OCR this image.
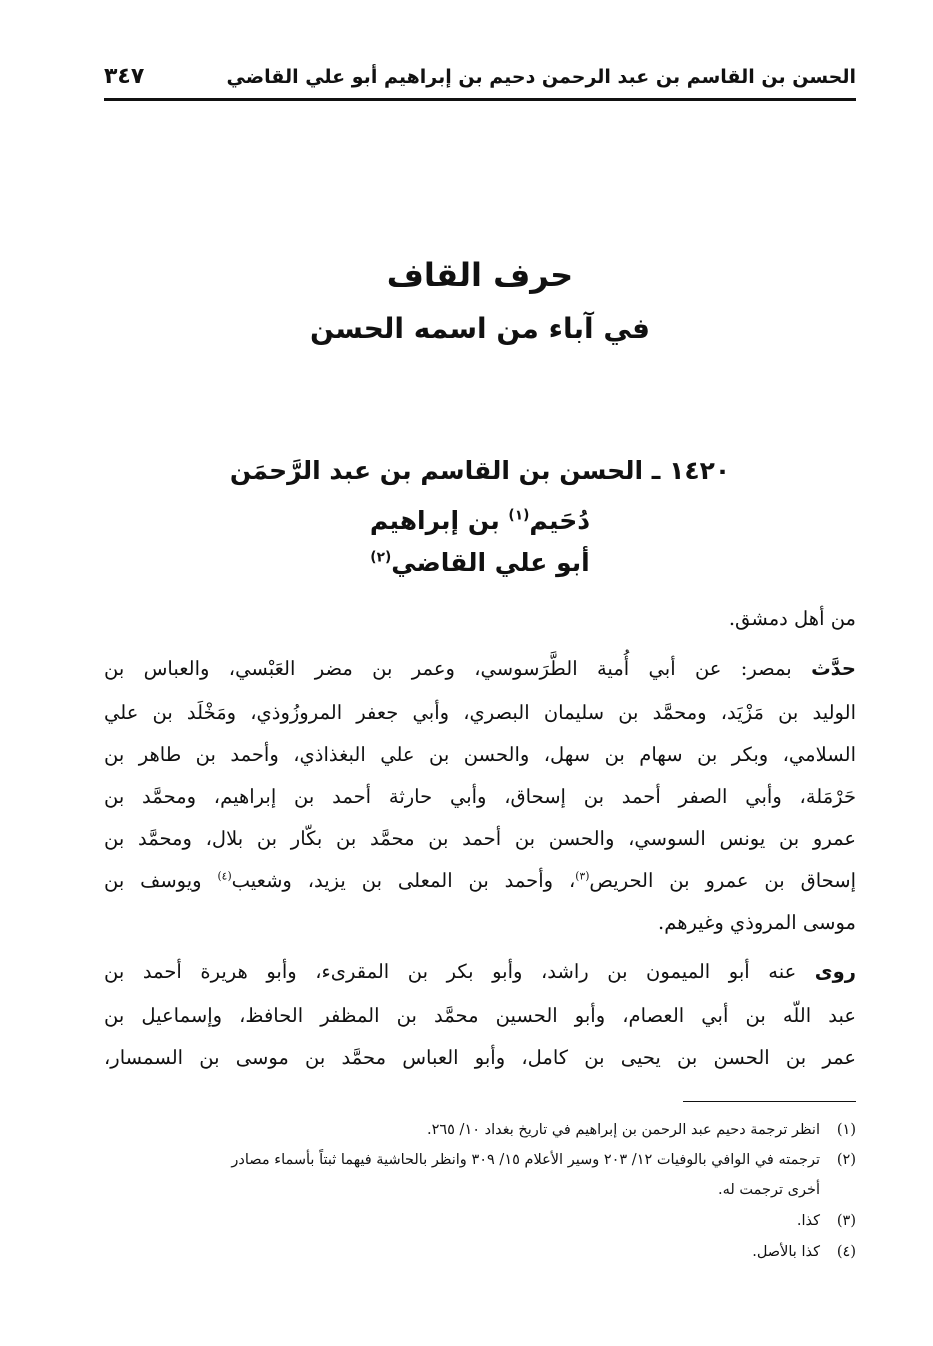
الحسن بن القاسم بن عبد الرحمن دحيم بن إبراهيم أبو علي القاضي
٣٤٧
حرف القاف
في آباء من اسمه الحسن
١٤٢٠ ـ الحسن بن القاسم بن عبد الرَّحمَن
دُحَيم$^{(١)}$ بن إبراهيم
أبو علي القاضي$^{(٢)}$
من أهل دمشق.
حدَّث بمصر: عن أبي أُمية الطَّرَسوسي، وعمر بن مضر العَبْسي، والعباس بن
الوليد بن مَزْيَد، ومحمَّد بن سليمان البصري، وأبي جعفر المروزُوذي، ومَخْلَد بن علي
السلامي، وبكر بن سهام بن سهل، والحسن بن علي البغذاذي، وأحمد بن طاهر بن
حَرْمَلة، وأبي الصفر أحمد بن إسحاق، وأبي حارثة أحمد بن إبراهيم، ومحمَّد بن
عمرو بن يونس السوسي، والحسن بن أحمد بن محمَّد بن بكّار بن بلال، ومحمَّد بن
إسحاق بن عمرو بن الحريص$^{(٣)}$، وأحمد بن المعلى بن يزيد، وشعيب$^{(٤)}$ ويوسف بن
موسى المروذي وغيرهم.
روى عنه أبو الميمون بن راشد، وأبو بكر بن المقرىء، وأبو هريرة أحمد بن
عبد اللّه بن أبي العصام، وأبو الحسين محمَّد بن المظفر الحافظ، وإسماعيل بن
عمر بن الحسن بن يحيى بن كامل، وأبو العباس محمَّد بن موسى بن السمسار،
(١)
انظر ترجمة دحيم عبد الرحمن بن إبراهيم في تاريخ بغداد ١٠/ ٢٦٥.
(٢)
ترجمته في الوافي بالوفيات ١٢/ ٢٠٣ وسير الأعلام ١٥/ ٣٠٩ وانظر بالحاشية فيهما ثبتاً بأسماء مصادر
أخرى ترجمت له.
(٣)
كذا.
(٤)
كذا بالأصل.
